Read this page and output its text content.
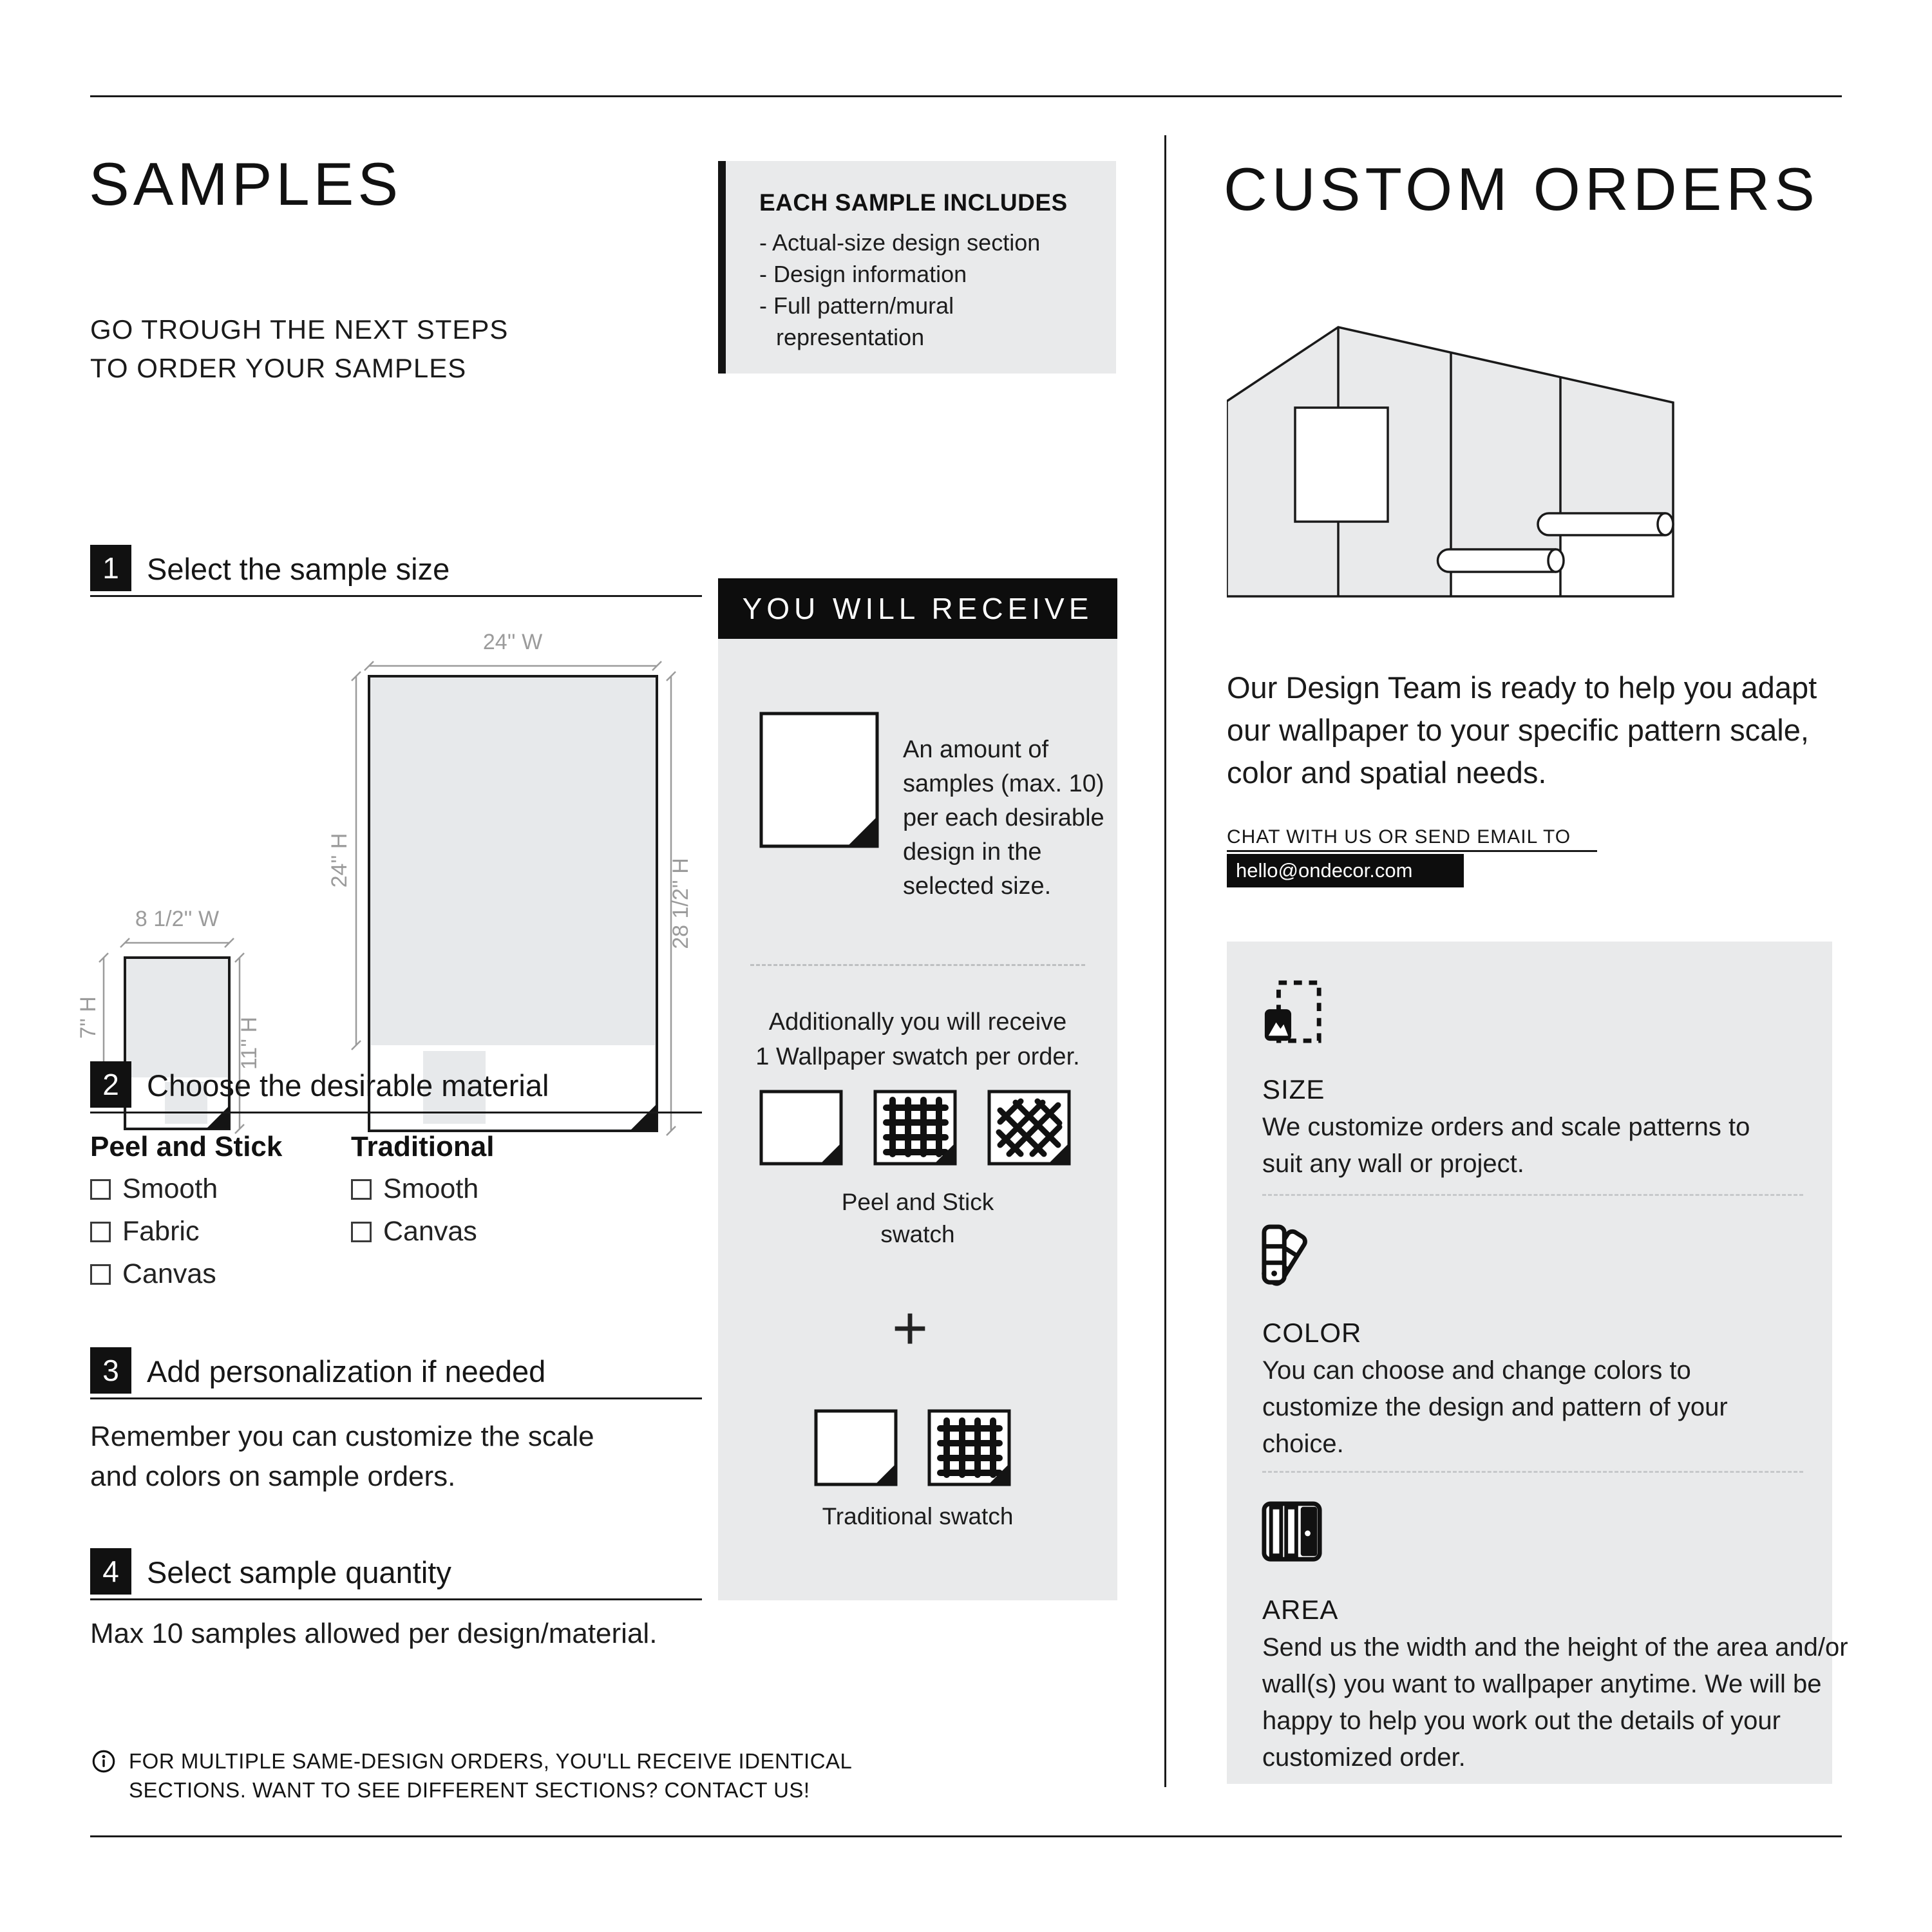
SAMPLES
GO TROUGH THE NEXT STEPS
TO ORDER YOUR SAMPLES
EACH SAMPLE INCLUDES
- Actual-size design section
- Design information
- Full pattern/mural representation
1 Select the sample size
8 1/2'' W
7'' H	11'' H
24'' W
24'' H	28 1/2'' H
2 Choose the desirable material
Peel and Stick Traditional
Smooth
Fabric
Canvas
Smooth
Canvas
3 Add personalization if needed
Remember you can customize the scale and colors on sample orders.
4 Select sample quantity
Max 10 samples allowed per design/material.
FOR MULTIPLE SAME-DESIGN ORDERS, YOU'LL RECEIVE IDENTICAL SECTIONS. WANT TO SEE DIFFERENT SECTIONS? CONTACT US!
YOU WILL RECEIVE
An amount of samples (max. 10) per each desirable design in the selected size.
Additionally you will receive
1 Wallpaper swatch per order.
Peel and Stick swatch
+
Traditional swatch
CUSTOM ORDERS
Our Design Team is ready to help you adapt our wallpaper to your specific pattern scale, color and spatial needs.
CHAT WITH US OR SEND EMAIL TO
hello@ondecor.com
SIZE
We customize orders and scale patterns to suit any wall or project.
COLOR
You can choose and change colors to customize the design and pattern of your choice.
AREA
Send us the width and the height of the area and/or wall(s) you want to wallpaper anytime. We will be happy to help you work out the details of your customized order.
